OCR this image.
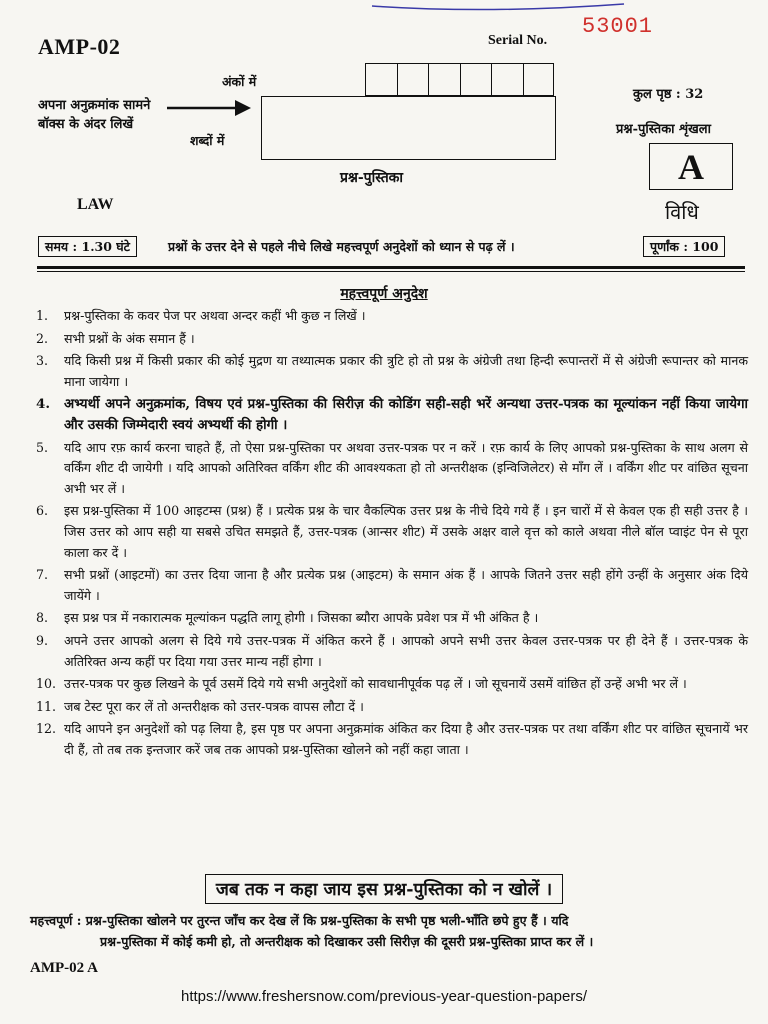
AMP-02	Serial No.
53001
अपना अनुक्रमांक सामने
बॉक्स के अंदर लिखें
अंकों में
शब्दों में
कुल पृष्ठ : 32
प्रश्न-पुस्तिका शृंखला
A
विधि
प्रश्न-पुस्तिका
LAW
समय : 1.30 घंटे	प्रश्नों के उत्तर देने से पहले नीचे लिखे महत्त्वपूर्ण अनुदेशों को ध्यान से पढ़ लें ।	पूर्णांक : 100
महत्त्वपूर्ण अनुदेश
1.	प्रश्न-पुस्तिका के कवर पेज पर अथवा अन्दर कहीं भी कुछ न लिखें ।
2.	सभी प्रश्नों के अंक समान हैं ।
3.	यदि किसी प्रश्न में किसी प्रकार की कोई मुद्रण या तथ्यात्मक प्रकार की त्रुटि हो तो प्रश्न के अंग्रेजी तथा हिन्दी रूपान्तरों में से अंग्रेजी रूपान्तर को मानक माना जायेगा ।
4.	अभ्यर्थी अपने अनुक्रमांक, विषय एवं प्रश्न-पुस्तिका की सिरीज़ की कोडिंग सही-सही भरें अन्यथा उत्तर-पत्रक का मूल्यांकन नहीं किया जायेगा और उसकी जिम्मेदारी स्वयं अभ्यर्थी की होगी ।
5.	यदि आप रफ़ कार्य करना चाहते हैं, तो ऐसा प्रश्न-पुस्तिका पर अथवा उत्तर-पत्रक पर न करें । रफ़ कार्य के लिए आपको प्रश्न-पुस्तिका के साथ अलग से वर्किंग शीट दी जायेगी । यदि आपको अतिरिक्त वर्किंग शीट की आवश्यकता हो तो अन्तरीक्षक (इन्विजिलेटर) से माँग लें । वर्किंग शीट पर वांछित सूचना अभी भर लें ।
6.	इस प्रश्न-पुस्तिका में 100 आइटम्स (प्रश्न) हैं । प्रत्येक प्रश्न के चार वैकल्पिक उत्तर प्रश्न के नीचे दिये गये हैं । इन चारों में से केवल एक ही सही उत्तर है । जिस उत्तर को आप सही या सबसे उचित समझते हैं, उत्तर-पत्रक (आन्सर शीट) में उसके अक्षर वाले वृत्त को काले अथवा नीले बॉल प्वाइंट पेन से पूरा काला कर दें ।
7.	सभी प्रश्नों (आइटमों) का उत्तर दिया जाना है और प्रत्येक प्रश्न (आइटम) के समान अंक हैं । आपके जितने उत्तर सही होंगे उन्हीं के अनुसार अंक दिये जायेंगे ।
8.	इस प्रश्न पत्र में नकारात्मक मूल्यांकन पद्धति लागू होगी । जिसका ब्यौरा आपके प्रवेश पत्र में भी अंकित है ।
9.	अपने उत्तर आपको अलग से दिये गये उत्तर-पत्रक में अंकित करने हैं । आपको अपने सभी उत्तर केवल उत्तर-पत्रक पर ही देने हैं । उत्तर-पत्रक के अतिरिक्त अन्य कहीं पर दिया गया उत्तर मान्य नहीं होगा ।
10. उत्तर-पत्रक पर कुछ लिखने के पूर्व उसमें दिये गये सभी अनुदेशों को सावधानीपूर्वक पढ़ लें । जो सूचनायें उसमें वांछित हों उन्हें अभी भर लें ।
11. जब टेस्ट पूरा कर लें तो अन्तरीक्षक को उत्तर-पत्रक वापस लौटा दें ।
12. यदि आपने इन अनुदेशों को पढ़ लिया है, इस पृष्ठ पर अपना अनुक्रमांक अंकित कर दिया है और उत्तर-पत्रक पर तथा वर्किंग शीट पर वांछित सूचनायें भर दी हैं, तो तब तक इन्तजार करें जब तक आपको प्रश्न-पुस्तिका खोलने को नहीं कहा जाता ।
जब तक न कहा जाय इस प्रश्न-पुस्तिका को न खोलें ।
महत्त्वपूर्ण : प्रश्न-पुस्तिका खोलने पर तुरन्त जाँच कर देख लें कि प्रश्न-पुस्तिका के सभी पृष्ठ भली-भाँति छपे हुए हैं । यदि
प्रश्न-पुस्तिका में कोई कमी हो, तो अन्तरीक्षक को दिखाकर उसी सिरीज़ की दूसरी प्रश्न-पुस्तिका प्राप्त कर लें ।
AMP-02 A
https://www.freshersnow.com/previous-year-question-papers/
